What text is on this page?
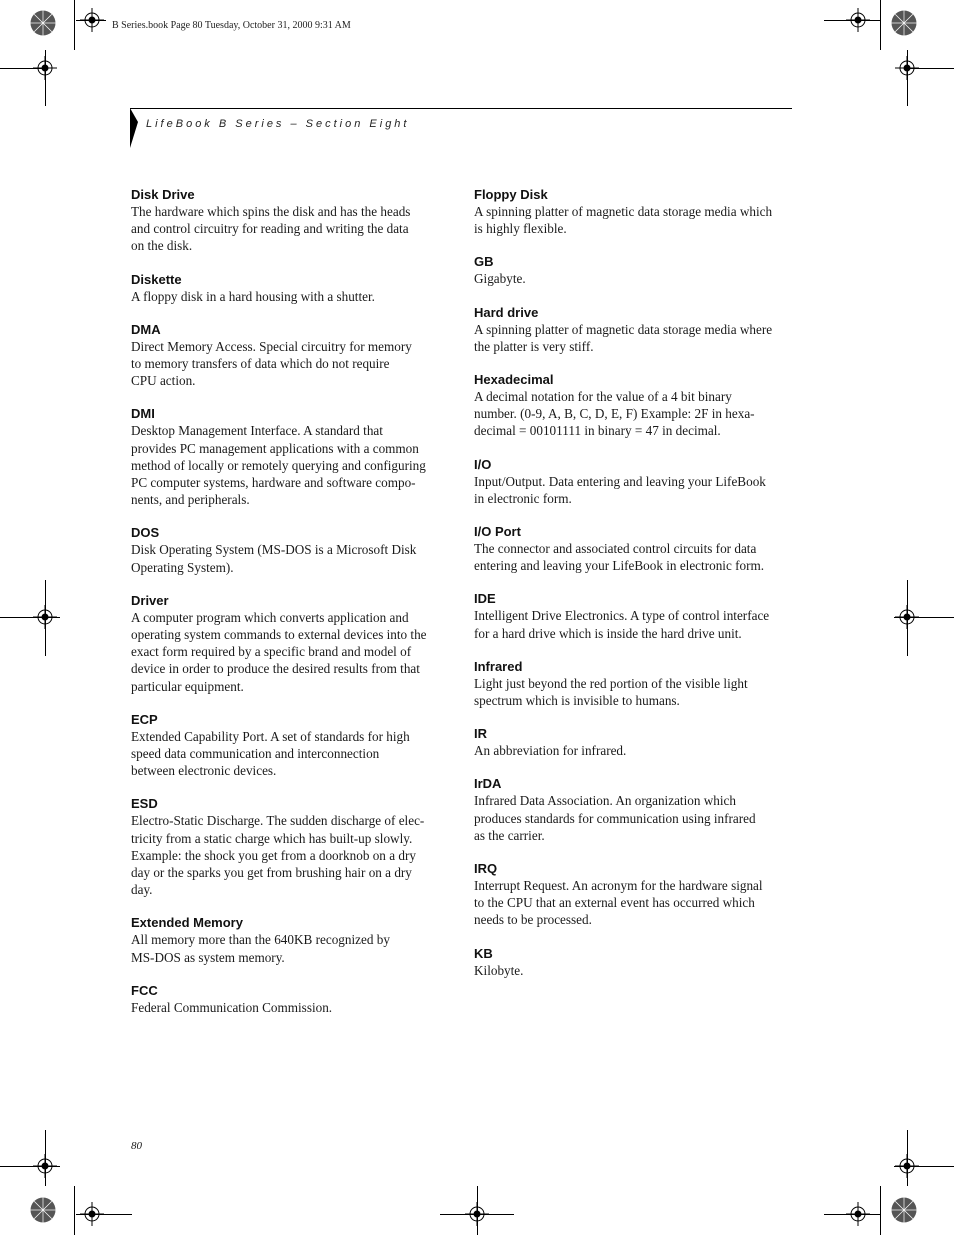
B Series.book Page 80 Tuesday, October 31, 2000 9:31 AM
LifeBook B Series – Section Eight
Disk Drive
The hardware which spins the disk and has the heads
and control circuitry for reading and writing the data
on the disk.
Diskette
A floppy disk in a hard housing with a shutter.
DMA
Direct Memory Access. Special circuitry for memory
to memory transfers of data which do not require
CPU action.
DMI
Desktop Management Interface. A standard that
provides PC management applications with a common
method of locally or remotely querying and configuring
PC computer systems, hardware and software compo-
nents, and peripherals.
DOS
Disk Operating System (MS-DOS is a Microsoft Disk
Operating System).
Driver
A computer program which converts application and
operating system commands to external devices into the
exact form required by a specific brand and model of
device in order to produce the desired results from that
particular equipment.
ECP
Extended Capability Port. A set of standards for high
speed data communication and interconnection
between electronic devices.
ESD
Electro-Static Discharge. The sudden discharge of elec-
tricity from a static charge which has built-up slowly.
Example: the shock you get from a doorknob on a dry
day or the sparks you get from brushing hair on a dry
day.
Extended Memory
All memory more than the 640KB recognized by
MS-DOS as system memory.
FCC
Federal Communication Commission.
Floppy Disk
A spinning platter of magnetic data storage media which
is highly flexible.
GB
Gigabyte.
Hard drive
A spinning platter of magnetic data storage media where
the platter is very stiff.
Hexadecimal
A decimal notation for the value of a 4 bit binary
number. (0-9, A, B, C, D, E, F) Example: 2F in hexa-
decimal = 00101111 in binary = 47 in decimal.
I/O
Input/Output. Data entering and leaving your LifeBook
in electronic form.
I/O Port
The connector and associated control circuits for data
entering and leaving your LifeBook in electronic form.
IDE
Intelligent Drive Electronics. A type of control interface
for a hard drive which is inside the hard drive unit.
Infrared
Light just beyond the red portion of the visible light
spectrum which is invisible to humans.
IR
An abbreviation for infrared.
IrDA
Infrared Data Association. An organization which
produces standards for communication using infrared
as the carrier.
IRQ
Interrupt Request. An acronym for the hardware signal
to the CPU that an external event has occurred which
needs to be processed.
KB
Kilobyte.
80
